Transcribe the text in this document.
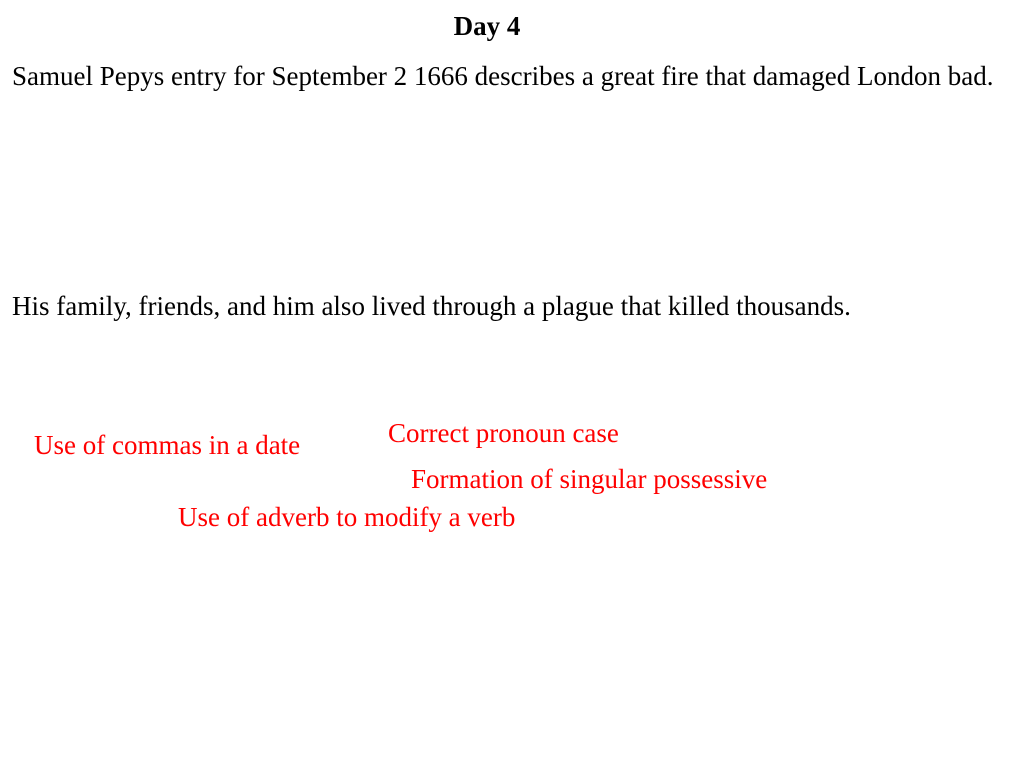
Day 4
Samuel Pepys entry for September 2 1666 describes a great fire that damaged London bad.
His family, friends, and him also lived through a plague that killed thousands.
Use of commas in a date	Correct pronoun case
Formation of singular possessive
Use of adverb to modify a verb
